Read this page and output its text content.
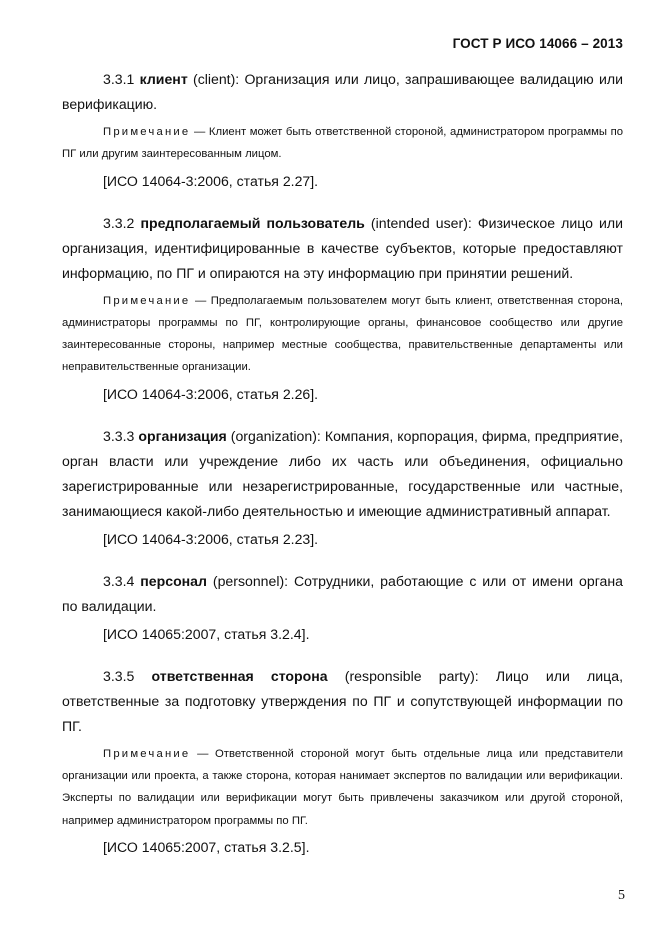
ГОСТ Р ИСО 14066 – 2013

3.3.1 клиент (client): Организация или лицо, запрашивающее валидацию или верификацию.

Примечание — Клиент может быть ответственной стороной, администратором программы по ПГ или другим заинтересованным лицом.

[ИСО 14064-3:2006, статья 2.27].

3.3.2 предполагаемый пользователь (intended user): Физическое лицо или организация, идентифицированные в качестве субъектов, которые предоставляют информацию, по ПГ и опираются на эту информацию при принятии решений.

Примечание — Предполагаемым пользователем могут быть клиент, ответственная сторона, администраторы программы по ПГ, контролирующие органы, финансовое сообщество или другие заинтересованные стороны, например местные сообщества, правительственные департаменты или неправительственные организации.

[ИСО 14064-3:2006, статья 2.26].

3.3.3 организация (organization): Компания, корпорация, фирма, предприятие, орган власти или учреждение либо их часть или объединения, официально зарегистрированные или незарегистрированные, государственные или частные, занимающиеся какой-либо деятельностью и имеющие административный аппарат.

[ИСО 14064-3:2006, статья 2.23].

3.3.4 персонал (personnel): Сотрудники, работающие с или от имени органа по валидации.

[ИСО 14065:2007, статья 3.2.4].

3.3.5 ответственная сторона (responsible party): Лицо или лица, ответственные за подготовку утверждения по ПГ и сопутствующей информации по ПГ.

Примечание — Ответственной стороной могут быть отдельные лица или представители организации или проекта, а также сторона, которая нанимает экспертов по валидации или верификации. Эксперты по валидации или верификации могут быть привлечены заказчиком или другой стороной, например администратором программы по ПГ.

[ИСО 14065:2007, статья 3.2.5].

5
